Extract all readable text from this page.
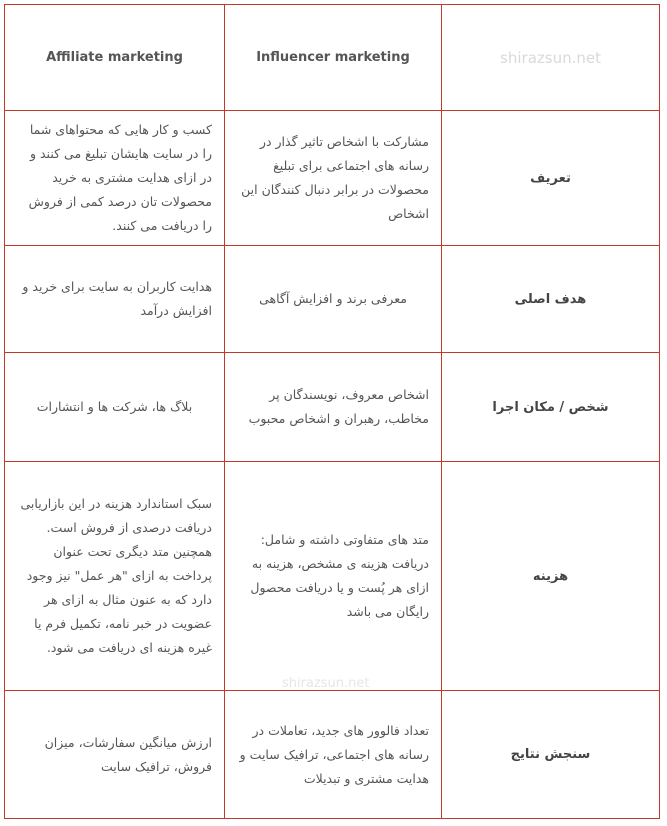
shirazsun.net
Influencer marketing
Affiliate marketing
تعریف
مشارکت با اشخاص تاثیر گذار در رسانه های اجتماعی برای تبلیغ محصولات در برابر دنبال کنندگان این اشخاص
کسب و کار هایی که محتواهای شما را در سایت هایشان تبلیغ می کنند و در ازای هدایت مشتری به خرید محصولات تان درصد کمی از فروش را دریافت می کنند.
هدف اصلی
معرفی برند و افزایش آگاهی
هدایت کاربران به سایت برای خرید و افزایش درآمد
شخص / مکان اجرا
اشخاص معروف، نویسندگان پر مخاطب، رهبران و اشخاص محبوب
بلاگ ها، شرکت ها و انتشارات
هزینه
متد های متفاوتی داشته و شامل: دریافت هزینه ی مشخص، هزینه به ازای هر پُست و یا دریافت محصول رایگان می باشد
سبک استاندارد هزینه در این بازاریابی دریافت درصدی از فروش است. همچنین متد دیگری تحت عنوان پرداخت به ازای "هر عمل" نیز وجود دارد که به عنون مثال به ازای هر عضویت در خبر نامه، تکمیل فرم یا غیره هزینه ای دریافت می شود.
سنجش نتایج
تعداد فالوور های جدید، تعاملات در رسانه های اجتماعی، ترافیک سایت و هدایت مشتری و تبدیلات
ارزش میانگین سفارشات، میزان فروش، ترافیک سایت
shirazsun.net
